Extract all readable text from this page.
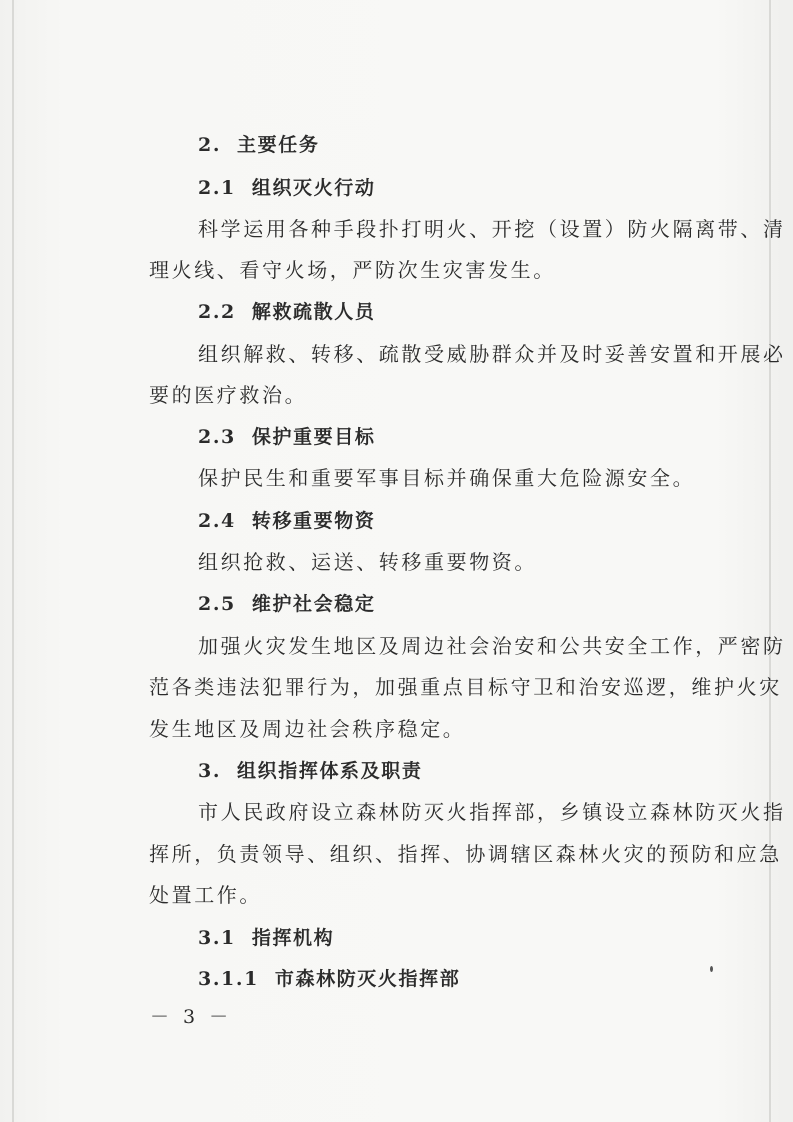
2. 主要任务
2.1 组织灭火行动
科学运用各种手段扑打明火、开挖（设置）防火隔离带、清
理火线、看守火场，严防次生灾害发生。
2.2 解救疏散人员
组织解救、转移、疏散受威胁群众并及时妥善安置和开展必
要的医疗救治。
2.3 保护重要目标
保护民生和重要军事目标并确保重大危险源安全。
2.4 转移重要物资
组织抢救、运送、转移重要物资。
2.5 维护社会稳定
加强火灾发生地区及周边社会治安和公共安全工作，严密防
范各类违法犯罪行为，加强重点目标守卫和治安巡逻，维护火灾
发生地区及周边社会秩序稳定。
3. 组织指挥体系及职责
市人民政府设立森林防灭火指挥部，乡镇设立森林防灭火指
挥所，负责领导、组织、指挥、协调辖区森林火灾的预防和应急
处置工作。
3.1 指挥机构
3.1.1 市森林防灭火指挥部
－ 3 －
